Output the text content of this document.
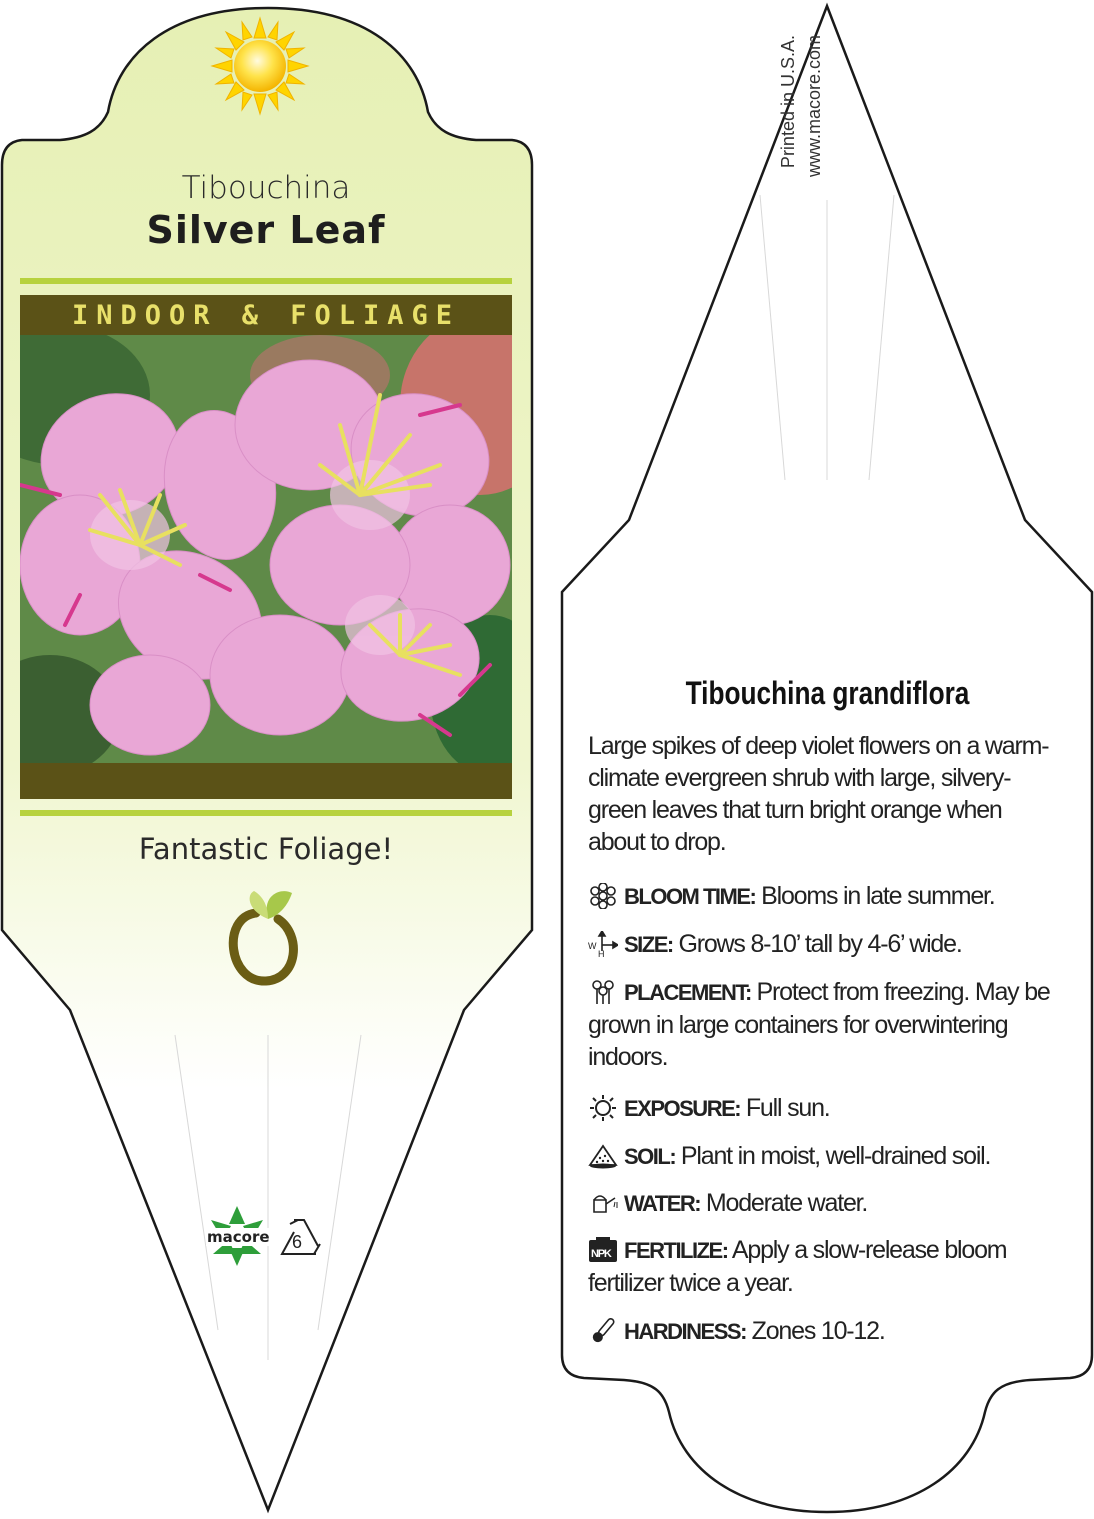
Tibouchina
Silver Leaf
INDOOR & FOLIAGE
Fantastic Foliage!
macore 6
Printed in U.S.A. www.macore.com
Tibouchina grandiflora
Large spikes of deep violet flowers on a warm-climate evergreen shrub with large, silvery-green leaves that turn bright orange when about to drop.
BLOOM TIME: Blooms in late summer.
W
H SIZE: Grows 8-10’ tall by 4-6’ wide.
PLACEMENT: Protect from freezing. May be grown in large containers for overwintering indoors.
EXPOSURE: Full sun.
SOIL: Plant in moist, well-drained soil.
WATER: Moderate water.
NPK FERTILIZE: Apply a slow-release bloom fertilizer twice a year.
HARDINESS: Zones 10-12.
